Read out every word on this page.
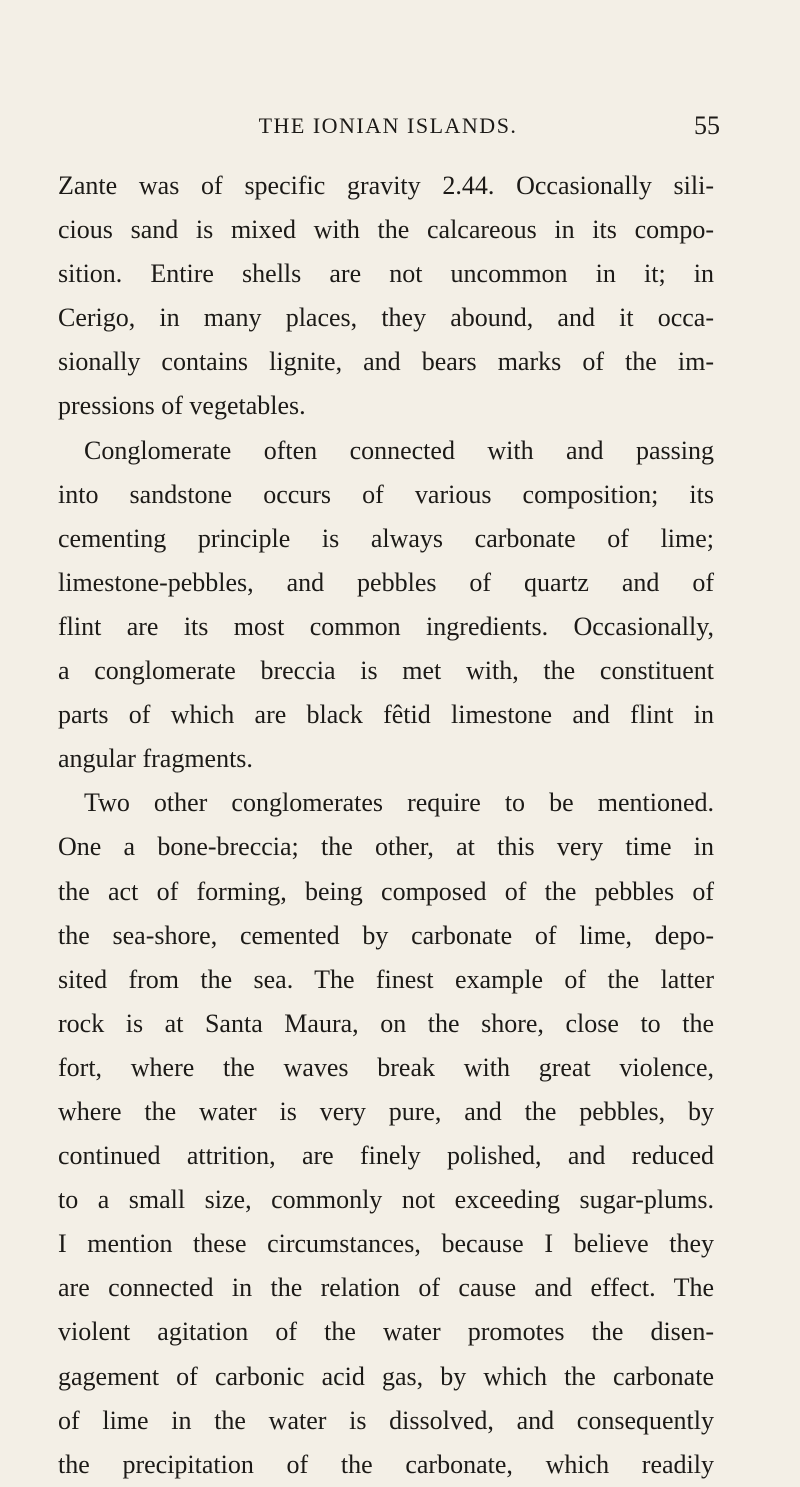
THE IONIAN ISLANDS.	55
Zante was of specific gravity 2.44. Occasionally sili-
cious sand is mixed with the calcareous in its compo-
sition. Entire shells are not uncommon in it; in
Cerigo, in many places, they abound, and it occa-
sionally contains lignite, and bears marks of the im-
pressions of vegetables.
Conglomerate often connected with and passing
into sandstone occurs of various composition; its
cementing principle is always carbonate of lime;
limestone-pebbles, and pebbles of quartz and of
flint are its most common ingredients. Occasionally,
a conglomerate breccia is met with, the constituent
parts of which are black fêtid limestone and flint in
angular fragments.
Two other conglomerates require to be mentioned.
One a bone-breccia; the other, at this very time in
the act of forming, being composed of the pebbles of
the sea-shore, cemented by carbonate of lime, depo-
sited from the sea. The finest example of the latter
rock is at Santa Maura, on the shore, close to the
fort, where the waves break with great violence,
where the water is very pure, and the pebbles, by
continued attrition, are finely polished, and reduced
to a small size, commonly not exceeding sugar-plums.
I mention these circumstances, because I believe they
are connected in the relation of cause and effect. The
violent agitation of the water promotes the disen-
gagement of carbonic acid gas, by which the carbonate
of lime in the water is dissolved, and consequently
the precipitation of the carbonate, which readily
